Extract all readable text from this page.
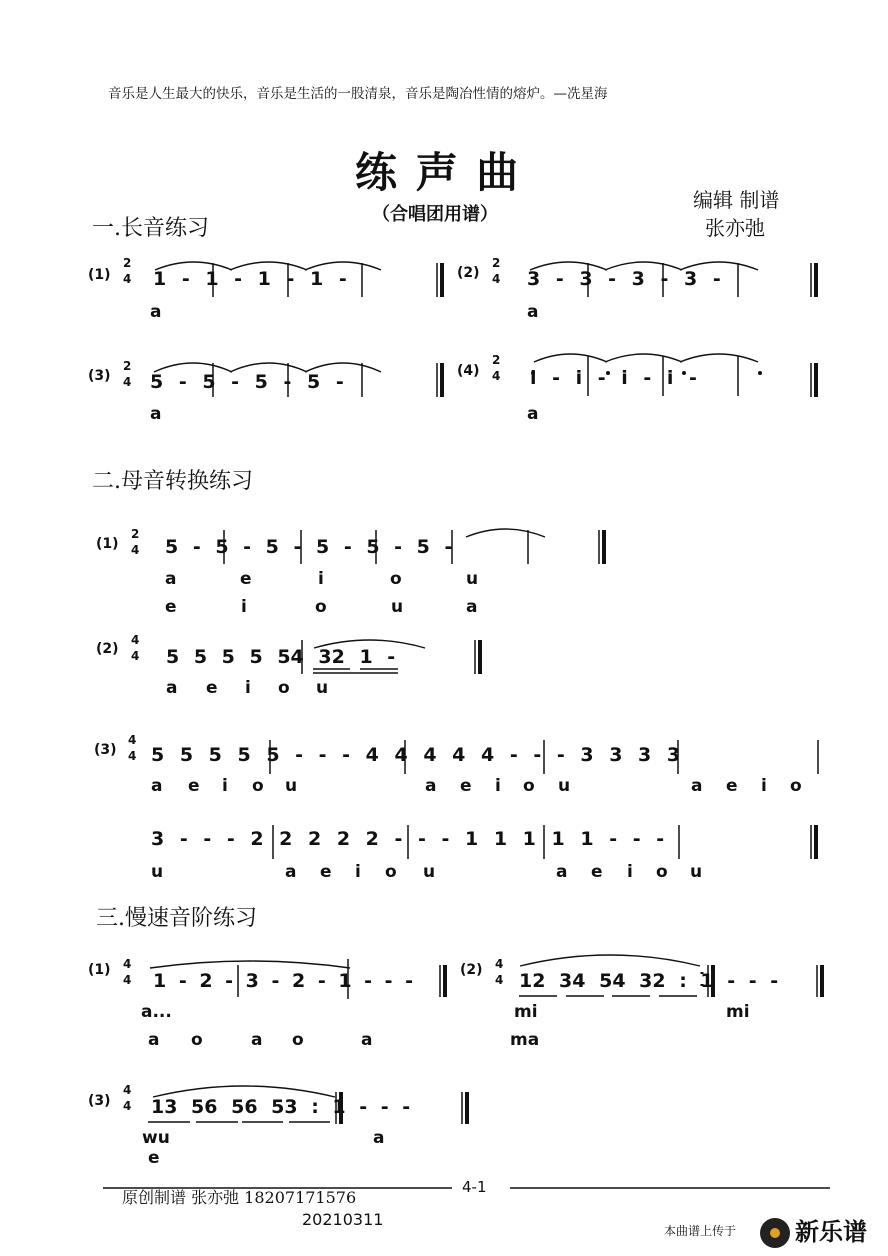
音乐是人生最大的快乐，音乐是生活的一股清泉，音乐是陶冶性情的熔炉。—冼星海
练 声 曲
（合唱团用谱）
编辑 制谱
张亦弛
一.长音练习
二.母音转换练习
三.慢速音阶练习
(1)
2
4 1 - 1 - 1 - 1 -
a
(2)
2
4 3 - 3 - 3 - 3 -
a
(3)
2
4 5 - 5 - 5 - 5 -
a
(4)
2
4 i - i - i - i -
a
(1)
2
4 5 - 5 - 5 - 5 - 5 - 5 -
a	e	i	o	u
e	i	o	u	a
(2)
4
4 5 5 5 5 54 32 1 -
a e i o u
(3)
4
4 5 5 5 5 5 - - - 4 4 4 4 4 - - - 3 3 3 3
a e i o u	a e i o u	a e i o
3 - - - 2 2 2 2 2 - - - 1 1 1 1 1 - - -
u	a e i o u	a e i o u
(1) 4
4 1 - 2 - 3 - 2 - 1 - - -
a...
a o	a o	a
(2) 4
4 12 34 54 32 : 1 - - -
mi	mi
ma
(3)
4
4 13 56 56 53 : 1 - - -
wu
e
a
4-1
原创制谱 张亦弛 18207171576
20210311
本曲谱上传于 新乐谱
